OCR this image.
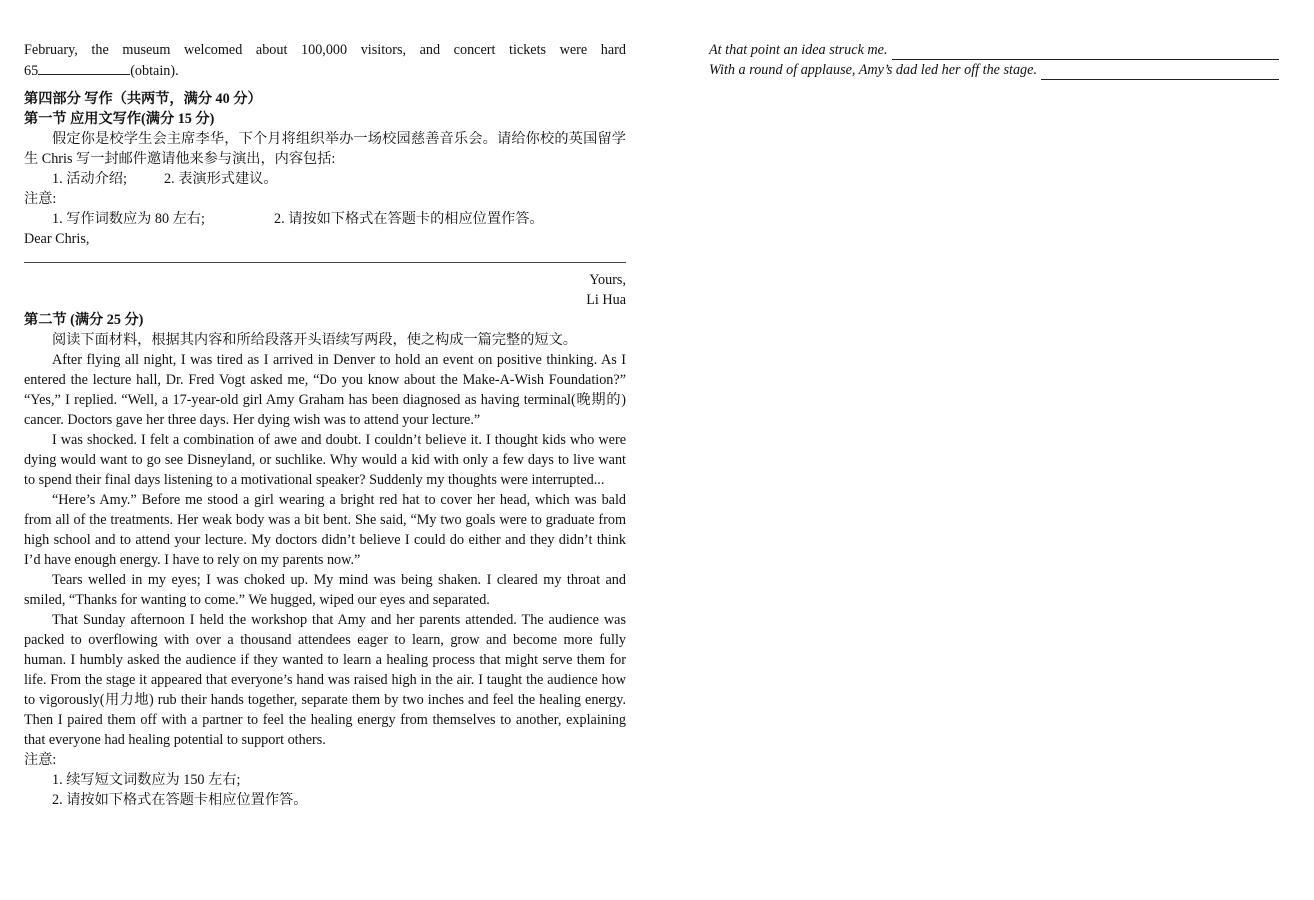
February, the museum welcomed about 100,000 visitors, and concert tickets were hard

65	(obtain).

第四部分 写作（共两节，满分 40 分）

第一节 应用文写作(满分 15 分)

假定你是校学生会主席李华，下个月将组织举办一场校园慈善音乐会。请给你校的英国留学生 Chris 写一封邮件邀请他来参与演出，内容包括:

1. 活动介绍;	2. 表演形式建议。

注意:

1. 写作词数应为 80 左右;	2. 请按如下格式在答题卡的相应位置作答。

Dear Chris,

Yours,

Li Hua

第二节 (满分 25 分)

阅读下面材料，根据其内容和所给段落开头语续写两段，使之构成一篇完整的短文。

After flying all night, I was tired as I arrived in Denver to hold an event on positive thinking. As I entered the lecture hall, Dr. Fred Vogt asked me, “Do you know about the Make-A-Wish Foundation?” “Yes,” I replied. “Well, a 17-year-old girl Amy Graham has been diagnosed as having terminal(晚期的) cancer. Doctors gave her three days. Her dying wish was to attend your lecture.”

I was shocked. I felt a combination of awe and doubt. I couldn’t believe it. I thought kids who were dying would want to go see Disneyland, or suchlike. Why would a kid with only a few days to live want to spend their final days listening to a motivational speaker? Suddenly my thoughts were interrupted...

“Here’s Amy.” Before me stood a girl wearing a bright red hat to cover her head, which was bald from all of the treatments. Her weak body was a bit bent. She said, “My two goals were to graduate from high school and to attend your lecture. My doctors didn’t believe I could do either and they didn’t think I’d have enough energy. I have to rely on my parents now.”

Tears welled in my eyes; I was choked up. My mind was being shaken. I cleared my throat and smiled, “Thanks for wanting to come.” We hugged, wiped our eyes and separated.

That Sunday afternoon I held the workshop that Amy and her parents attended. The audience was packed to overflowing with over a thousand attendees eager to learn, grow and become more fully human. I humbly asked the audience if they wanted to learn a healing process that might serve them for life. From the stage it appeared that everyone’s hand was raised high in the air. I taught the audience how to vigorously(用力地) rub their hands together, separate them by two inches and feel the healing energy. Then I paired them off with a partner to feel the healing energy from themselves to another, explaining that everyone had healing potential to support others.

注意:

1. 续写短文词数应为 150 左右;

2. 请按如下格式在答题卡相应位置作答。

At that point an idea struck me.
With a round of applause, Amy’s dad led her off the stage.
